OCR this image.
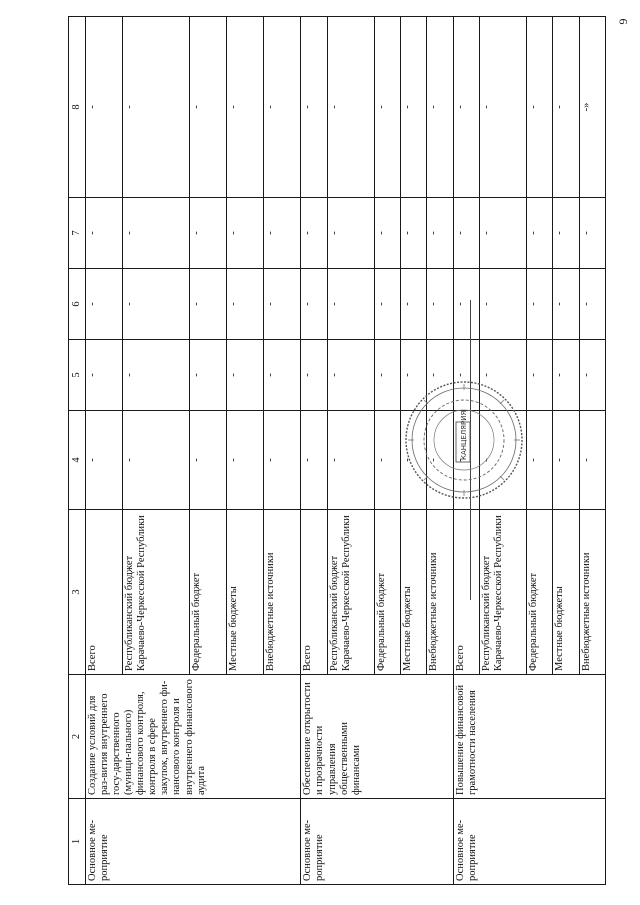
6
1	2	3	4	5	6	7	8
Основное ме-роприятие	Создание условий для раз-вития внутреннего госу-дарственного (муници-пального) финансового контроля, контроля в сфере закупок, внутреннего фи-нансового контроля и внутреннего финансового аудита	Всего	-	-	-	-	-
		Республиканский бюджет Карачаево-Черкесской Республики	-	-	-	-	-
		Федеральный бюджет	-	-	-	-	-
		Местные бюджеты	-	-	-	-	-
		Внебюджетные источники	-	-	-	-	-
Основное ме-роприятие	Обеспечение открытости и прозрачности управления общественными финансами	Всего	-	-	-	-	-
		Республиканский бюджет Карачаево-Черкесской Республики	-	-	-	-	-
		Федеральный бюджет	-	-	-	-	-
		Местные бюджеты	-	-	-	-	-
		Внебюджетные источники	-	-	-	-	-
Основное ме-роприятие	Повышение финансовой грамотности населения	Всего	-	-	-	-	-
		Республиканский бюджет Карачаево-Черкесской Республики	-	-	-	-	-
		Федеральный бюджет	-	-	-	-	-
		Местные бюджеты	-	-	-	-	-
		Внебюджетные источники	-	-	-	-	-»
КАНЦЕЛЯРИЯ
